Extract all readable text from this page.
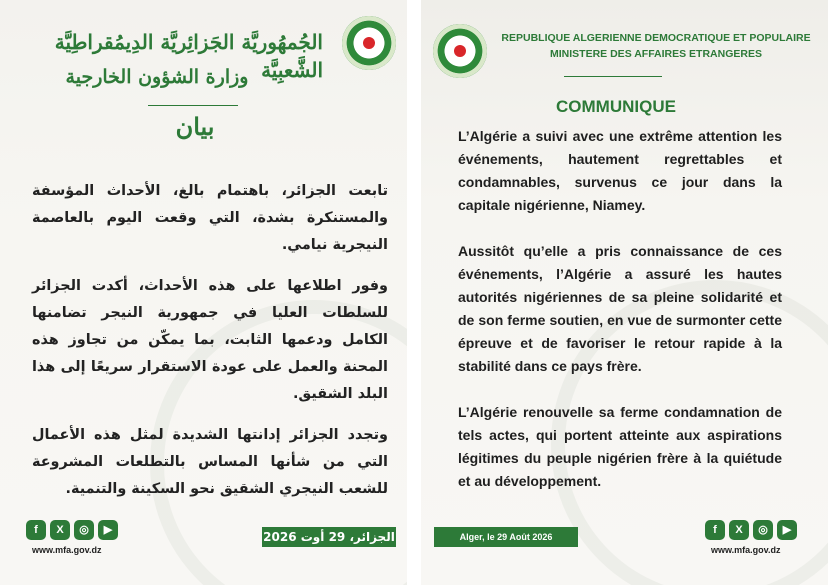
الجُمهُوريَّة الجَزائِريَّة الدِيمُقراطِيَّة الشَّعبِيَّة
وزارة الشؤون الخارجية
بيان

تابعت الجزائر، باهتمام بالغ، الأحداث المؤسفة والمستنكرة بشدة، التي وقعت اليوم بالعاصمة النيجرية نيامي.

وفور اطلاعها على هذه الأحداث، أكدت الجزائر للسلطات العليا في جمهورية النيجر تضامنها الكامل ودعمها الثابت، بما يمكّن من تجاوز هذه المحنة والعمل على عودة الاستقرار سريعًا إلى هذا البلد الشقيق.

وتجدد الجزائر إدانتها الشديدة لمثل هذه الأعمال التي من شأنها المساس بالتطلعات المشروعة للشعب النيجري الشقيق نحو السكينة والتنمية.

f	X	◎	▶
www.mfa.gov.dz
الجزائر، 29 أوت 2026
REPUBLIQUE ALGERIENNE DEMOCRATIQUE ET POPULAIRE
MINISTERE DES AFFAIRES ETRANGERES
COMMUNIQUE

L’Algérie a suivi avec une extrême attention les événements, hautement regrettables et condamnables, survenus ce jour dans la capitale nigérienne, Niamey.

Aussitôt qu’elle a pris connaissance de ces événements, l’Algérie a assuré les hautes autorités nigériennes de sa pleine solidarité et de son ferme soutien, en vue de surmonter cette épreuve et de favoriser le retour rapide à la stabilité dans ce pays frère.

L’Algérie renouvelle sa ferme condamnation de tels actes, qui portent atteinte aux aspirations légitimes du peuple nigérien frère à la quiétude et au développement.

Alger, le 29 Août 2026
f	X	◎	▶
www.mfa.gov.dz
